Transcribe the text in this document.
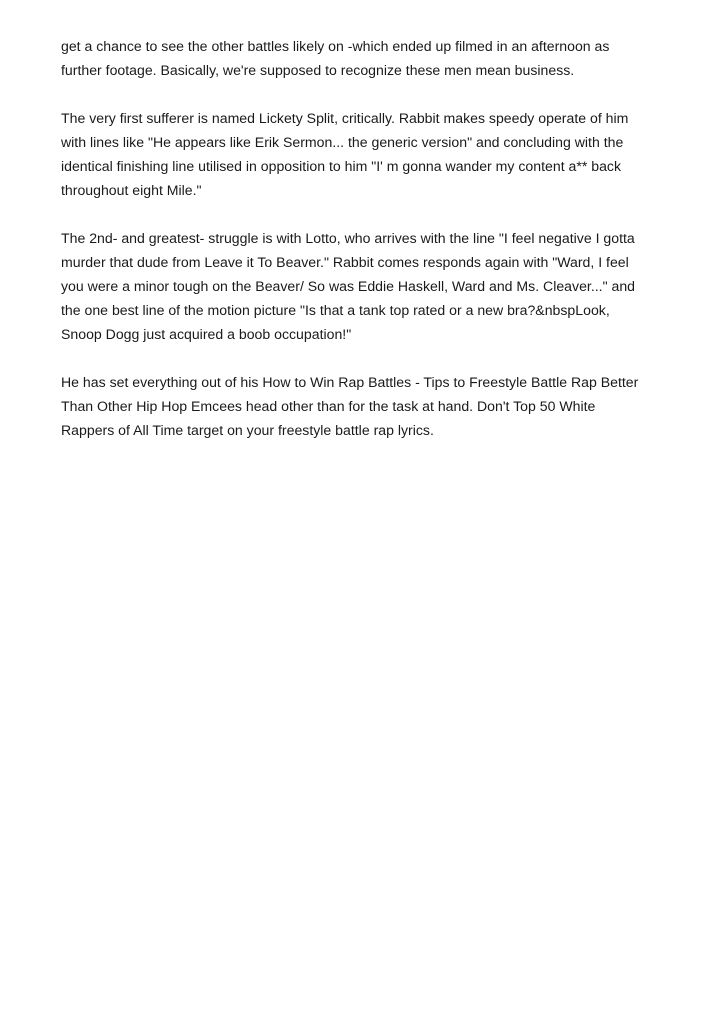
get a chance to see the other battles likely on -which ended up filmed in an afternoon as
further footage. Basically, we're supposed to recognize these men mean business.

The very first sufferer is named Lickety Split, critically. Rabbit makes speedy operate of him
with lines like "He appears like Erik Sermon... the generic version" and concluding with the
identical finishing line utilised in opposition to him "I' m gonna wander my content a** back
throughout eight Mile."

The 2nd- and greatest- struggle is with Lotto, who arrives with the line "I feel negative I gotta
murder that dude from Leave it To Beaver." Rabbit comes responds again with "Ward, I feel
you were a minor tough on the Beaver/ So was Eddie Haskell, Ward and Ms. Cleaver..." and
the one best line of the motion picture "Is that a tank top rated or a new bra?&nbspLook,
Snoop Dogg just acquired a boob occupation!"

He has set everything out of his How to Win Rap Battles - Tips to Freestyle Battle Rap Better
Than Other Hip Hop Emcees head other than for the task at hand. Don't Top 50 White
Rappers of All Time target on your freestyle battle rap lyrics.
